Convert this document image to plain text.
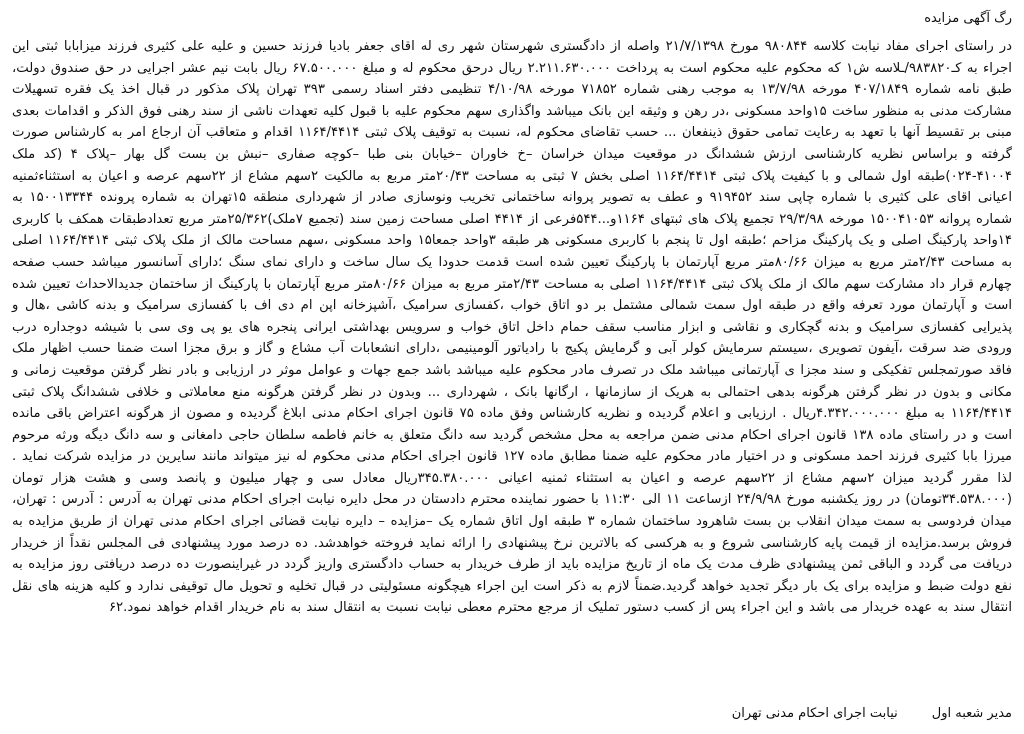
رگ آگهی مزایده

در راستای اجرای مفاد نیابت کلاسه ۹۸۰۸۴۴ مورخ ۲۱/۷/۱۳۹۸ واصله از دادگستری شهرستان شهر ری له اقای جعفر بادیا فرزند حسین و علیه علی کثیری فرزند میزابابا ثبتی این اجراء به کـ۹۸۳۸۲۰/ـلاسه ش۱ که محکوم علیه محکوم است به پرداخت ۲.۲۱۱.۶۳۰.۰۰۰ ریال درحق محکوم له و مبلغ ۶۷.۵۰۰.۰۰۰ ریال بابت نیم عشر اجرایی در حق صندوق دولت، طبق نامه شماره ۴۰۷/۱۸۴۹ مورخه ۱۳/۷/۹۸ به موجب رهنی شماره ۷۱۸۵۲ مورخه ۴/۱۰/۹۸ تنظیمی دفتر اسناد رسمی ۳۹۳ تهران پلاک مذکور در قبال اخذ یک فقره تسهیلات مشارکت مدنی به منظور ساخت ۱۵واحد مسکونی ،در رهن و وثیقه این بانک میباشد واگذاری سهم محکوم علیه با قبول کلیه تعهدات ناشی از سند رهنی فوق الذکر و اقدامات بعدی مبنی بر تقسیط آنها با تعهد به رعایت تمامی حقوق ذینفعان ... حسب تقاضای محکوم له، نسبت به توقیف پلاک ثبتی ۱۱۶۴/۴۴۱۴ اقدام و متعاقب آن ارجاع امر به کارشناس صورت گرفته و براساس نظریه کارشناسی ارزش ششدانگ در موقعیت میدان خراسان –خ خاوران –خیابان بنی طبا –کوچه صفاری –نبش بن بست گل بهار –پلاک ۴ (کد ملک ۴۱۰۰۴-۰۲۴)طبقه اول شمالی و با کیفیت پلاک ثبتی ۱۱۶۴/۴۴۱۴ اصلی بخش ۷ ثبتی به مساحت ۲۰/۴۳متر مربع به مالکیت ۲سهم مشاع از ۲۲سهم عرصه و اعیان به استثناءثمنیه اعیانی اقای علی کثیری با شماره چاپی سند ۹۱۹۴۵۲ و عطف به تصویر پروانه ساختمانی تخریب ونوسازی صادر از شهرداری منطقه ۱۵تهران به شماره پرونده ۱۵۰۰۱۳۳۴۴ به شماره پروانه ۱۵۰۰۴۱۰۵۳ مورخه ۲۹/۳/۹۸ تجمیع پلاک های ثبتهای ۱۱۶۴و...۵۴۴فرعی از ۴۴۱۴ اصلی مساحت زمین سند (تجمیع ۷ملک)۲۵/۳۶۲متر مربع تعدادطبقات همکف با کاربری ۱۴واحد پارکینگ اصلی و یک پارکینگ مزاحم ؛طبقه اول تا پنجم با کاربری مسکونی هر طبقه ۳واحد جمعا۱۵ واحد مسکونی ،سهم مساحت مالک از ملک پلاک ثبتی ۱۱۶۴/۴۴۱۴ اصلی به مساحت ۲/۴۳متر مربع به میزان ۸۰/۶۶متر مربع آپارتمان با پارکینگ تعیین شده است قدمت حدودا یک سال ساخت و دارای نمای سنگ ؛دارای آسانسور میباشد حسب صفحه چهارم قرار داد مشارکت سهم مالک از ملک پلاک ثبتی ۱۱۶۴/۴۴۱۴ اصلی به مساحت ۲/۴۳متر مربع به میزان ۸۰/۶۶متر مربع آپارتمان با پارکینگ از ساختمان جدیدالاحداث تعیین شده است و آپارتمان مورد تعرفه واقع در طبقه اول سمت شمالی مشتمل بر دو اتاق خواب ،کفسازی سرامیک ،آشپزخانه اپن ام دی اف با کفسازی سرامیک و بدنه کاشی ،هال و پذیرایی کفسازی سرامیک و بدنه گچکاری و نقاشی و ابزار مناسب سقف حمام داخل اتاق خواب و سرویس بهداشتی ایرانی پنجره های یو پی وی سی با شیشه دوجداره درب ورودی ضد سرقت ،آیفون تصویری ،سیستم سرمایش کولر آبی و گرمایش پکیج با رادیاتور آلومینیمی ،دارای انشعابات آب مشاع و گاز و برق مجزا است ضمنا حسب اظهار ملک فاقد صورتمجلس تفکیکی و سند مجزا ی آپارتمانی میباشد ملک در تصرف مادر محکوم علیه میباشد باشد جمع جهات و عوامل موثر در ارزیابی و بادر نظر گرفتن موقعیت زمانی و مکانی و بدون در نظر گرفتن هرگونه بدهی احتمالی به هریک از سازمانها ، ارگانها بانک ، شهرداری ... وبدون در نظر گرفتن هرگونه منع معاملاتی و خلافی ششدانگ پلاک ثبتی ۱۱۶۴/۴۴۱۴ به مبلغ ۴.۳۴۲.۰۰۰.۰۰۰ریال . ارزیابی و اعلام گردیده و نظریه کارشناس وفق ماده ۷۵ قانون اجرای احکام مدنی ابلاغ گردیده و مصون از هرگونه اعتراض باقی مانده است و در راستای ماده ۱۳۸ قانون اجرای احکام مدنی ضمن مراجعه به محل مشخص گردید سه دانگ متعلق به خانم فاطمه سلطان حاجی دامغانی و سه دانگ دیگه ورثه مرحوم میرزا بابا کثیری فرزند احمد مسکونی و در اختیار مادر محکوم علیه ضمنا مطابق ماده ۱۲۷ قانون اجرای احکام مدنی محکوم له نیز میتواند مانند سایرین در مزایده شرکت نماید . لذا مقرر گردید میزان ۲سهم مشاع از ۲۲سهم عرصه و اعیان به استثناء ثمنیه اعیانی ۳۴۵.۳۸۰.۰۰۰ریال معادل سی و چهار میلیون و پانصد وسی و هشت هزار تومان (۳۴.۵۳۸.۰۰۰تومان) در روز یکشنبه مورخ ۲۴/۹/۹۸ ازساعت ۱۱ الی ۱۱:۳۰ با حضور نماینده محترم دادستان در محل دایره نیابت اجرای احکام مدنی تهران به آدرس : آدرس : تهران، میدان فردوسی به سمت میدان انقلاب بن بست شاهرود ساختمان شماره ۳ طبقه اول اتاق شماره یک –مزایده – دایره نیابت قضائی اجرای احکام مدنی تهران از طریق مزایده به فروش برسد.مزایده از قیمت پایه کارشناسی شروع و به هرکسی که بالاترین نرخ پیشنهادی را ارائه نماید فروخته خواهدشد. ده درصد مورد پیشنهادی فی المجلس نقداً از خریدار دریافت می گردد و الباقی ثمن پیشنهادی ظرف مدت یک ماه از تاریخ مزایده باید از طرف خریدار به حساب دادگستری واریز گردد در غیراینصورت ده درصد دریافتی روز مزایده به نفع دولت ضبط و مزایده برای یک بار دیگر تجدید خواهد گردید.ضمناً لازم به ذکر است این اجراء هیچگونه مسئولیتی در قبال تخلیه و تحویل مال توقیفی ندارد و کلیه هزینه های نقل انتقال سند به عهده خریدار می باشد و این اجراء پس از کسب دستور تملیک از مرجع محترم معطی نیابت نسبت به انتقال سند به نام خریدار اقدام خواهد نمود.۶۲

مدیر شعبه اول
نیابت اجرای احکام مدنی تهران
